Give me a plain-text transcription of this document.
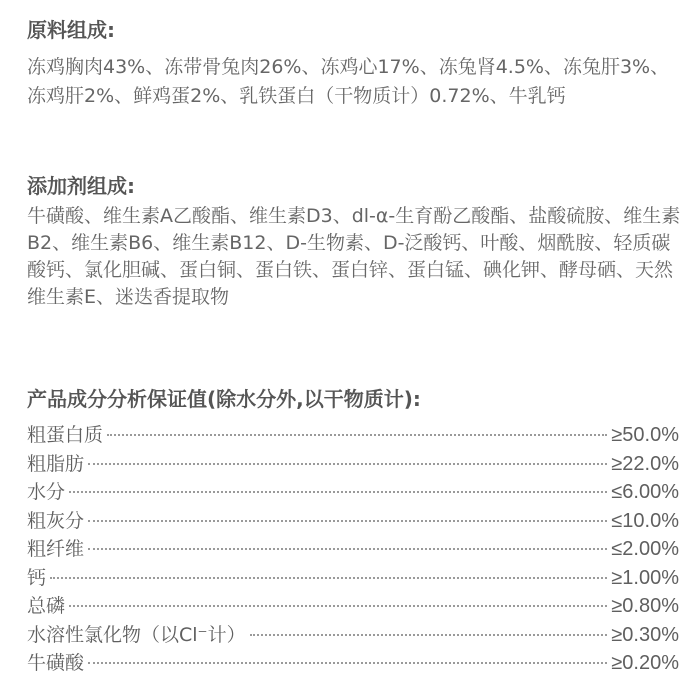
原料组成:

冻鸡胸肉43%、冻带骨兔肉26%、冻鸡心17%、冻兔肾4.5%、冻兔肝3%、冻鸡肝2%、鲜鸡蛋2%、乳铁蛋白（干物质计）0.72%、牛乳钙

添加剂组成:

牛磺酸、维生素A乙酸酯、维生素D3、dl-α-生育酚乙酸酯、盐酸硫胺、维生素B2、维生素B6、维生素B12、D-生物素、D-泛酸钙、叶酸、烟酰胺、轻质碳酸钙、氯化胆碱、蛋白铜、蛋白铁、蛋白锌、蛋白锰、碘化钾、酵母硒、天然维生素E、迷迭香提取物

产品成分分析保证值(除水分外,以干物质计):
粗蛋白质	≥50.0%
粗脂肪	≥22.0%
水分	≤6.00%
粗灰分	≤10.0%
粗纤维	≤2.00%
钙	≥1.00%
总磷	≥0.80%
水溶性氯化物（以Cl⁻计）	≥0.30%
牛磺酸	≥0.20%
